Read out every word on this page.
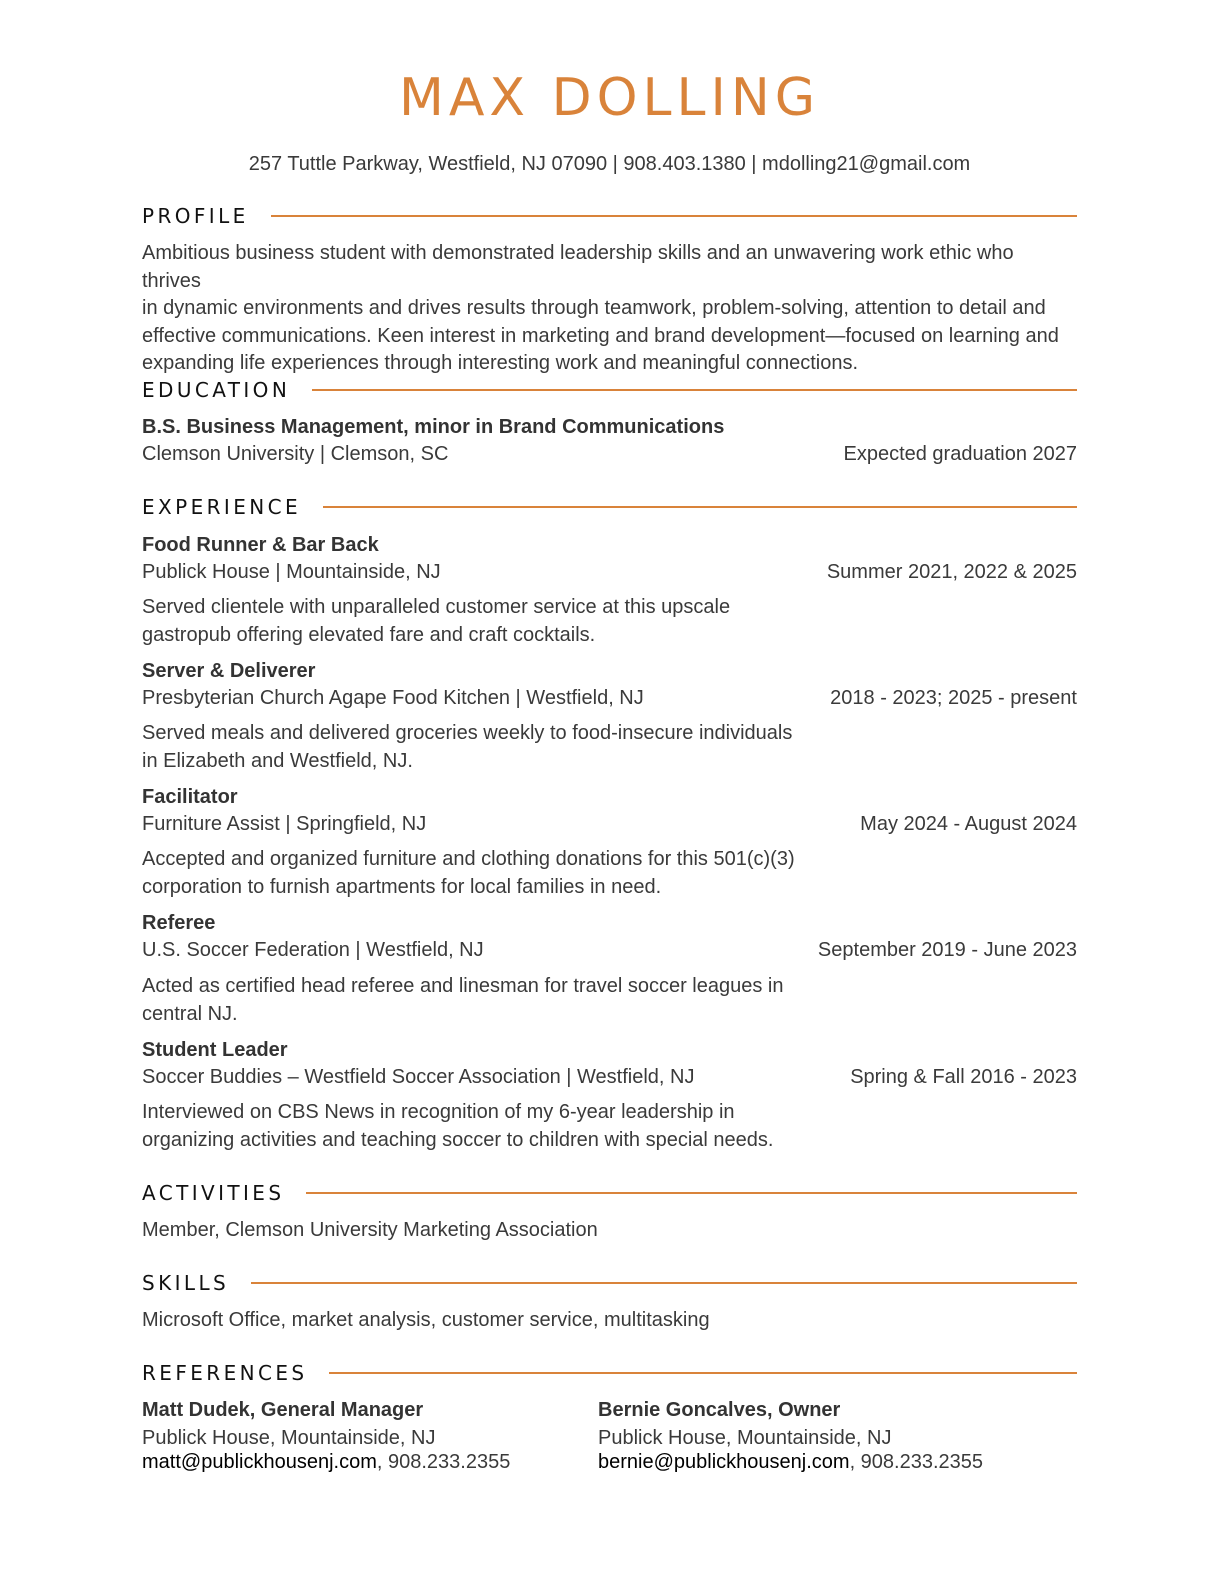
MAX DOLLING
257 Tuttle Parkway, Westfield, NJ 07090 | 908.403.1380 | mdolling21@gmail.com
PROFILE
Ambitious business student with demonstrated leadership skills and an unwavering work ethic who thrives
in dynamic environments and drives results through teamwork, problem-solving, attention to detail and
effective communications. Keen interest in marketing and brand development—focused on learning and
expanding life experiences through interesting work and meaningful connections.
EDUCATION
B.S. Business Management, minor in Brand Communications
Clemson University | Clemson, SC	Expected graduation 2027
EXPERIENCE
Food Runner & Bar Back
Publick House | Mountainside, NJ	Summer 2021, 2022 & 2025
Served clientele with unparalleled customer service at this upscale
gastropub offering elevated fare and craft cocktails.
Server & Deliverer
Presbyterian Church Agape Food Kitchen | Westfield, NJ	2018 - 2023; 2025 - present
Served meals and delivered groceries weekly to food-insecure individuals
in Elizabeth and Westfield, NJ.
Facilitator
Furniture Assist | Springfield, NJ	May 2024 - August 2024
Accepted and organized furniture and clothing donations for this 501(c)(3)
corporation to furnish apartments for local families in need.
Referee
U.S. Soccer Federation | Westfield, NJ	September 2019 - June 2023
Acted as certified head referee and linesman for travel soccer leagues in
central NJ.
Student Leader
Soccer Buddies – Westfield Soccer Association | Westfield, NJ	Spring & Fall 2016 - 2023
Interviewed on CBS News in recognition of my 6-year leadership in
organizing activities and teaching soccer to children with special needs.
ACTIVITIES
Member, Clemson University Marketing Association
SKILLS
Microsoft Office, market analysis, customer service, multitasking
REFERENCES
Matt Dudek, General Manager
Publick House, Mountainside, NJ
matt@publickhousenj.com, 908.233.2355
Bernie Goncalves, Owner
Publick House, Mountainside, NJ
bernie@publickhousenj.com, 908.233.2355
